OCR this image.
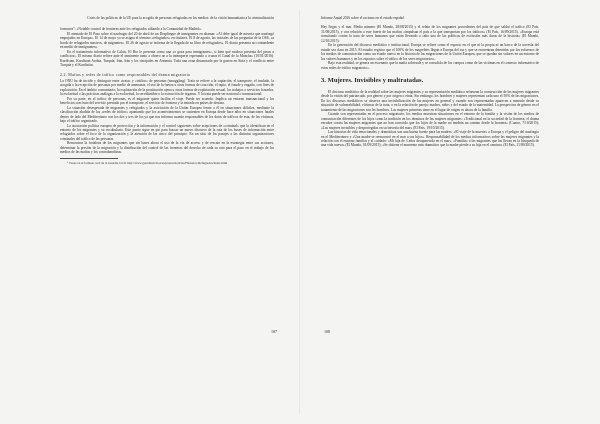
Crisis de las políticas de la UE para la acogida de personas refugiadas en los medios: de la visión humanitaria a la criminalización

formuros"; «Notable control de fronteras ante los refugiados saltando a la Comunidad de Madrid».

El atentado de El Paso sobre el naufragio del 20 de abril de un Despliegue de inmigrantes en altamar. «Al debe igual de miseria que naufragó empujados en Europa». El 14 de mayo ya se asigna el término «refugiados» en titulares. El 8 de agosto, las iniciales de las preguntas de la OSS, «a bordo de refugiados masivos, de migrantes». El 26 de agosto se informa de la llegada de su libro de refugiados». El diario presenta no contundente en medio de inmigrantes».

En el tratamiento informativo de Calais, El Rto le presenta como una «o goza para inmigrantes», si bien qué ruidoso presenta del pasos a conflictos». El mismo diario refiere ante el inminente tanto a obrero ne a la intemperie esperando a cruzar el Canal de la Mancha» (10/01/2016). Kurdistan, Kurdistan Arabia, Turquía, Irán, Irán y los rincipales en Armenia. Toda una zona distanciada por la guerra en Siria y el conflicto entre Turquía y el Kurdistán.

2.2. Mafias y redes de tráfico como responsables del drama migratorio

La ONU ha de incidir y distinguir entre «trata» y «tráfico» de personas (smuggling). Trata se refiere a la captación, el transporte, el traslado, la acogida o la recepción de personas por medio de amenazas, el uso de la fuerza u otras formas de coacción, el rapto, el fraude y engaño, con fines de explotación. En el ámbito comunitario, la explotación de la prostitución ajena u otras formas de explotación sexual, los trabajos o servicios forzados, la esclavitud o las prácticas análogas a la esclavitud, la servidumbre o la extracción de órganos. Y la trata puede ser nacional o transnacional.

Por su parte, en el tráfico de personas, es el migrante quien facilita el viaje. Puede ser acuerdo. Implica un entorno transnacional y los beneficios son fruto del servicio prestado por el transporte, el servicio de frontera y la entrada en países de destino.

La situación desesperada de migrantes y refugiados y la asociación de la Unión Europea frente a él en situaciones difíciles, mediante la clasificación aludida de los «redes de tráfico» apuntando que los acontecimientos se sustenten en Europa desde hace años en situaciones fatales dentro de lado del Mediterráneo con los dos y tres de los ya que nos informa cuando responsables de los datos de tráficos de esta, de las víctimas, bajo el tráfico organizado.

La asociación política europea de protección y la información y el control siguientes sobre acepciones de «criminal» que lo identifican en el entorno de los migrantes y su vocabulario. Este punto sigue en pie para buscar un nuevo discurso de la ruta de los buses de información entre refugiados sobre el foco de la organización y la atención de las cinco del principio. En un sitio de los pasajes a las distintas organizaciones criminales del tráfico de las personas.

Rencontrar la fortaleza de los migrantes que sin bases ahora el uso de la vía de acceso y de rescate en la estrategia entre sus acciones, determinar la presión de la migración y la distribución del control de las fronteras del derecho de cada su rato para el paso en el trabajo de los medios de las mafias y los contrabandistas.

¹ Véase en el formato web de la Guardia Civil: http://www.guardiacivil.es/es/prensa/noticias/Historico/Refugiados/index.html

107
Informe Anual 2016 sobre el racismo en el estado español

Hay llegas y el mar. Medio número (El Mundo, 28/08/2015) y el relato de los migrantes procedentes del país de que saldrá el tráfico (El País, 31/08/2015), y con relación a este fuerte de las mafias «impulsan el país a la que transportan por los tráficos» (El País, 16/09/2015). «Europa está transitando contra la trata de seres humanos que están llevando a cabo una de las políticas de exclusión más duras de la historia» (El Mundo, 12/10/2015).

En la generación del discurso mediático e institucional, Europa se refiere como el espacio en el que ni la propia ni un barco de la travesía del estado sea clara en 2015. El estudio registra que el 100% de los magrebíes llegan a Europa del sur y que se encuentran detenidos por los esfuerzos de los medios de comunicación como un estado nuevo en la historia de las migraciones de la Unión Europea, que se quedan sin valores en un entorno de los valores humanos y en los espacios sobre el tráfico de los seres migratorios».

Bajo esta realidad, se genera un escenario que la mafia sobresale y se consolida de los cuerpos como de las víctimas en el contexto informativo de estas redes de tráfico migratorio».

3. Mujeres. Invisibles y maltratadas.

El discurso mediático de la realidad sobre las mujeres migrantes y su representación mediática refuerzan la construcción de las mujeres migrantes desde la visión del patriarcado, por género y por origen o etnia. Sin embargo, los hombres y mujeres representan cada uno el 50% de las migraciones. En los discursos mediáticos se observa una invisibilización de las mujeres en general y cuando son representadas aparecen a menudo desde su situación de vulnerabilidad, víctimas de la trata, o en la relación de pareja: madres, niños y del estado de la maternidad. La perspectiva de género en el tratamiento de las migraciones son les hombres. Las mujeres primeras tiene en el lugar de origen es ahora de la familia.

Cuando son representadas en el proceso migratorio, los medios muestran situaciones en el entorno de la familia y la visión de los medios de comunicación diferentes de los hijos como la tradición en los términos de las mujeres migrantes: «Tradicional en la sociedad de la frontera, el drama encubre contra las mujeres migrantes que no han conocido que los hijos de la madre no tendrán un camino desde la frontera» (Cuatro, 7/10/2015); «Las mujeres invisibles y desprotegidas en su travesía del mar» (El País, 19/10/2015).

Las historias de vida emocionales y dramáticas son una buena fuente para las madres: «El viaje de la muerte» a Europa y el peligro del naufragio en el Mediterráneo y «Una madre se reencontró en el mar a sus hijos». Responsabilidad de los medios informativos sobre las mujeres migrantes y la relación con el entorno familiar y el cuidado: «Mi hija de 3 años desaparecida en el mar», «Familia» a las migrantes que las llevan en la búsqueda de una vida nueva» (El Mundo, 01/09/2015); «Se obtiene el momento más dramático que la madre pierde a su hija en el camino» (El País, 11/09/2015).

108
